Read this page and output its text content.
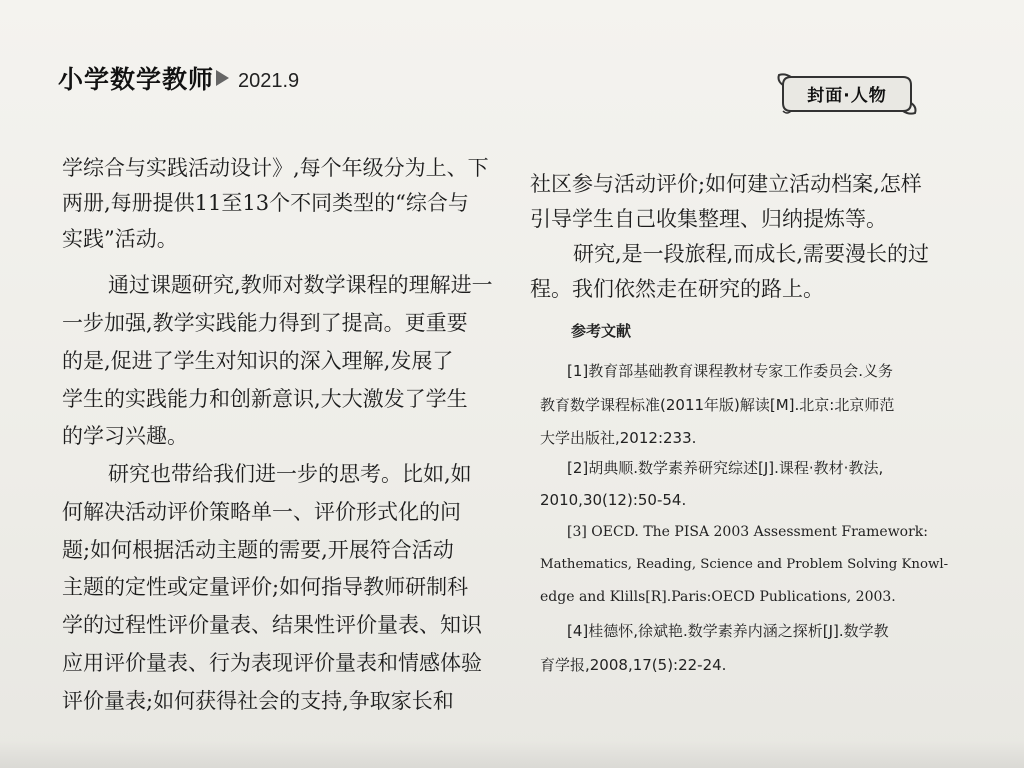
小学数学教师 2021.9
封面·人物
学综合与实践活动设计》,每个年级分为上、下
两册,每册提供11至13个不同类型的“综合与
实践”活动。
通过课题研究,教师对数学课程的理解进一
一步加强,教学实践能力得到了提高。更重要
的是,促进了学生对知识的深入理解,发展了
学生的实践能力和创新意识,大大激发了学生
的学习兴趣。
研究也带给我们进一步的思考。比如,如
何解决活动评价策略单一、评价形式化的问
题;如何根据活动主题的需要,开展符合活动
主题的定性或定量评价;如何指导教师研制科
学的过程性评价量表、结果性评价量表、知识
应用评价量表、行为表现评价量表和情感体验
评价量表;如何获得社会的支持,争取家长和
社区参与活动评价;如何建立活动档案,怎样
引导学生自己收集整理、归纳提炼等。
研究,是一段旅程,而成长,需要漫长的过
程。我们依然走在研究的路上。
参考文献
[1]教育部基础教育课程教材专家工作委员会.义务
教育数学课程标准(2011年版)解读[M].北京:北京师范
大学出版社,2012:233.
[2]胡典顺.数学素养研究综述[J].课程·教材·教法,
2010,30(12):50-54.
[3] OECD. The PISA 2003 Assessment Framework:
Mathematics, Reading, Science and Problem Solving Knowl-
edge and Klills[R].Paris:OECD Publications, 2003.
[4]桂德怀,徐斌艳.数学素养内涵之探析[J].数学教
育学报,2008,17(5):22-24.
